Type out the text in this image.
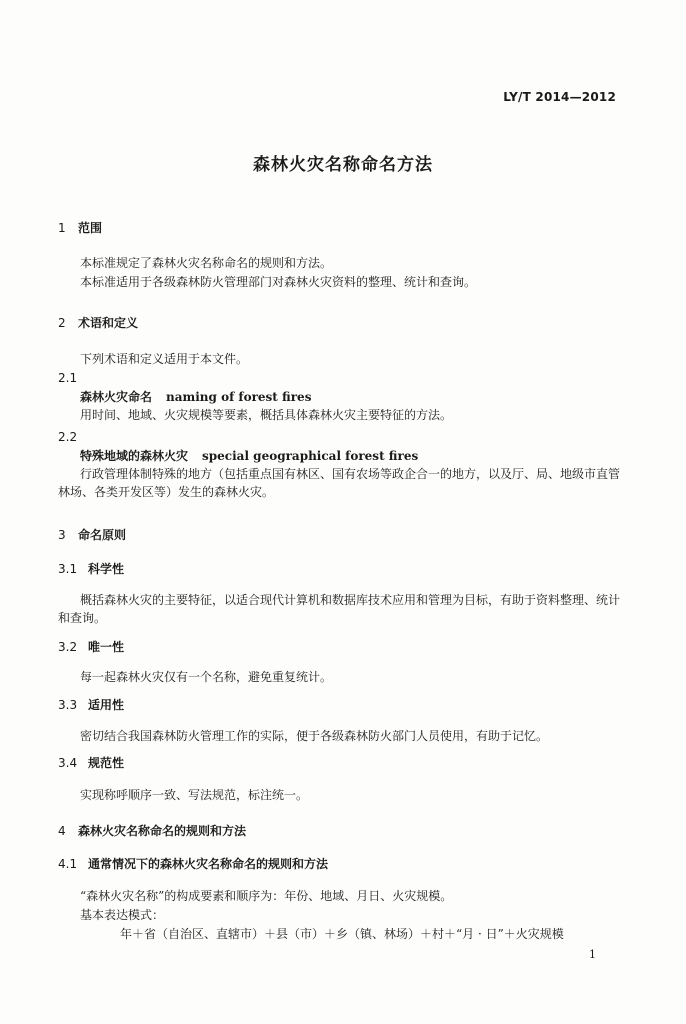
LY/T 2014—2012
森林火灾名称命名方法
1 范围
本标准规定了森林火灾名称命名的规则和方法。
本标准适用于各级森林防火管理部门对森林火灾资料的整理、统计和查询。
2 术语和定义
下列术语和定义适用于本文件。
2.1
森林火灾命名 naming of forest fires
用时间、地域、火灾规模等要素，概括具体森林火灾主要特征的方法。
2.2
特殊地域的森林火灾 special geographical forest fires
行政管理体制特殊的地方（包括重点国有林区、国有农场等政企合一的地方，以及厅、局、地级市直管林场、各类开发区等）发生的森林火灾。
3 命名原则
3.1 科学性
概括森林火灾的主要特征，以适合现代计算机和数据库技术应用和管理为目标，有助于资料整理、统计和查询。
3.2 唯一性
每一起森林火灾仅有一个名称，避免重复统计。
3.3 适用性
密切结合我国森林防火管理工作的实际，便于各级森林防火部门人员使用，有助于记忆。
3.4 规范性
实现称呼顺序一致、写法规范，标注统一。
4 森林火灾名称命名的规则和方法
4.1 通常情况下的森林火灾名称命名的规则和方法
“森林火灾名称”的构成要素和顺序为：年份、地域、月日、火灾规模。
基本表达模式：
年＋省（自治区、直辖市）＋县（市）＋乡（镇、林场）＋村＋“月 · 日”＋火灾规模
1
